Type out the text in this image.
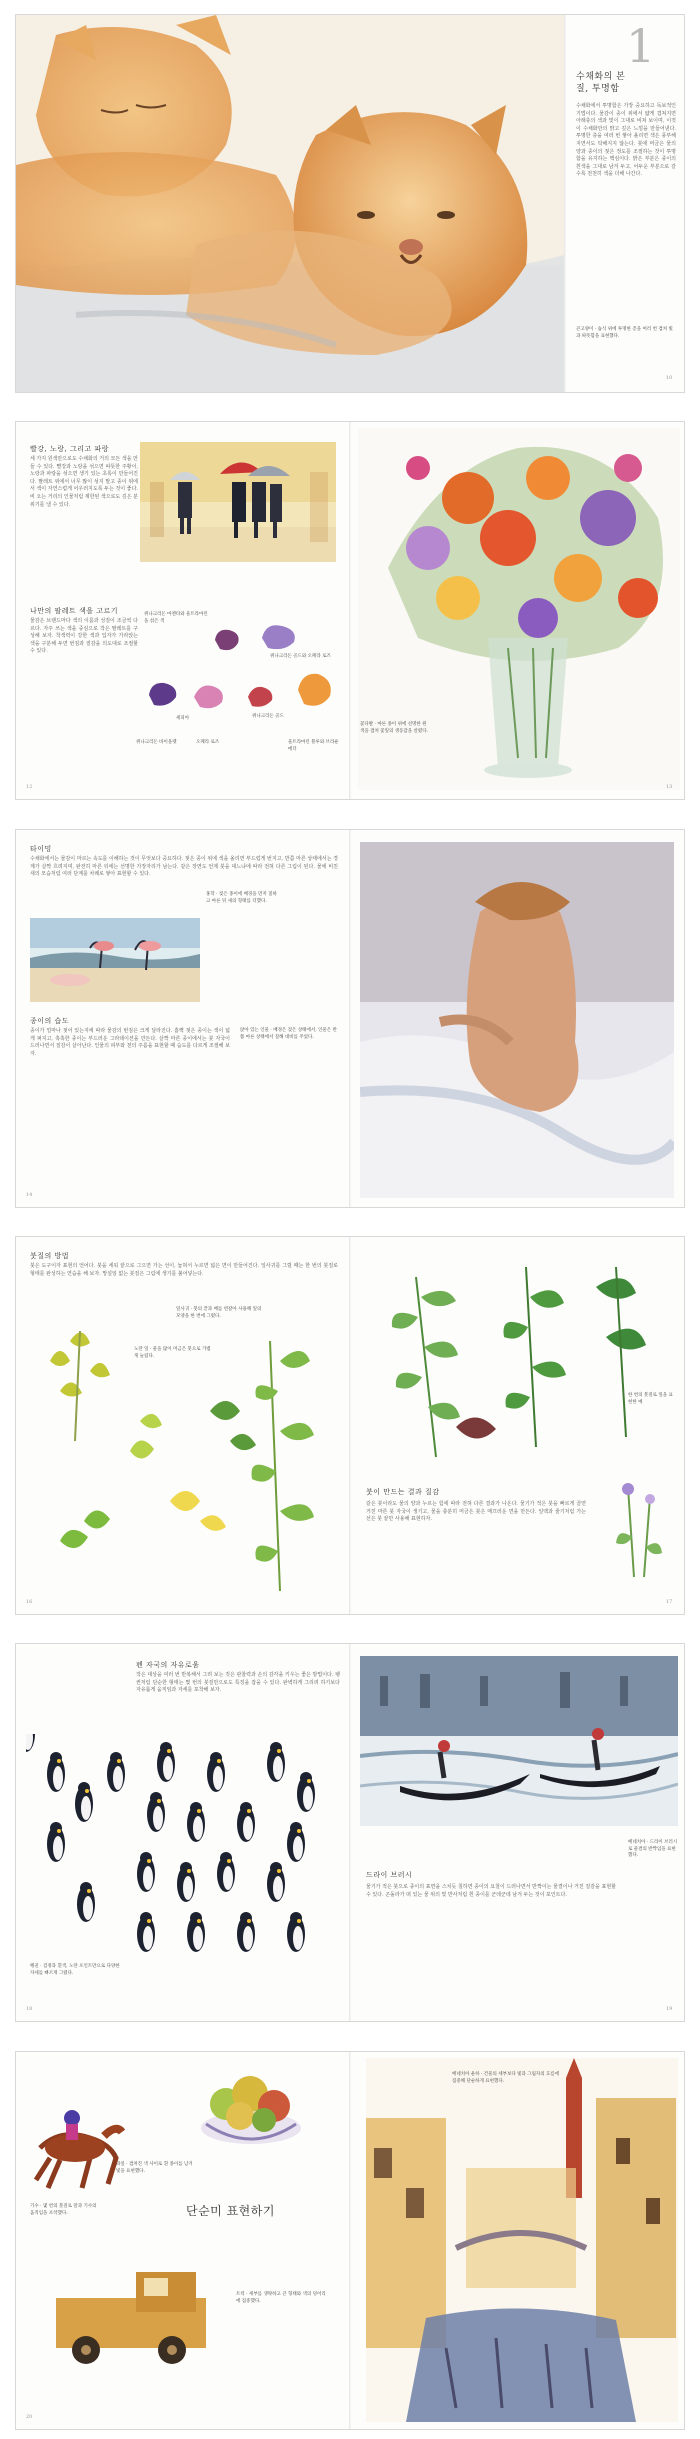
1
수채화의 본질, 투명함
수채화에서 투명함은 가장 중요하고 독보적인 기법이다. 물감이 종이 위에서 얇게 겹쳐지면 아래층의 색과 빛이 그대로 비쳐 보이며, 이것이 수채화만의 맑고 깊은 느낌을 만들어낸다. 투명한 층을 여러 번 쌓아 올리면 색은 풍부해지면서도 탁해지지 않는다. 붓에 머금은 물의 양과 종이의 젖은 정도를 조절하는 것이 투명함을 유지하는 핵심이다. 밝은 부분은 종이의 흰색을 그대로 남겨 두고, 어두운 부분으로 갈수록 천천히 색을 더해 나간다.
큰고양이 · 습식 위에 투명한 층을 여러 번 겹쳐 빛과 따뜻함을 표현했다.
10
빨강, 노랑, 그리고 파랑
세 가지 원색만으로도 수채화의 거의 모든 색을 만들 수 있다. 빨강과 노랑을 섞으면 따뜻한 주황이, 노랑과 파랑을 섞으면 생기 있는 초록이 만들어진다. 팔레트 위에서 너무 많이 섞지 말고 종이 위에서 색이 자연스럽게 어우러지도록 두는 것이 좋다. 비 오는 거리의 인물처럼 제한된 색으로도 깊은 분위기를 낼 수 있다.
나만의 팔레트 색을 고르기
물감은 브랜드마다 색의 이름과 성질이 조금씩 다르다. 자주 쓰는 색을 중심으로 작은 팔레트를 구성해 보자. 착색력이 강한 색과 입자가 가라앉는 색을 구분해 두면 번짐과 질감을 의도대로 조절할 수 있다.
퀴나크리돈 마젠타와 울트라마린을 섞은 색
퀴나크리돈 골드와 오페라 로즈
세피아
퀴나크리돈 바이올렛	오페라 로즈
퀴나크리돈 골드
울트라마린 블루와 브라운 매더
꽃다발 · 마른 종이 위에 선명한 원색을 겹쳐 꽃잎의 생동감을 살렸다.
12	13
타이밍
수채화에서는 물감이 마르는 속도를 이해하는 것이 무엇보다 중요하다. 젖은 종이 위에 색을 올리면 부드럽게 번지고, 반쯤 마른 상태에서는 경계가 살짝 흐려지며, 완전히 마른 뒤에는 선명한 가장자리가 남는다. 같은 장면도 언제 붓을 대느냐에 따라 전혀 다른 그림이 된다. 물에 비친 새의 모습처럼 여러 단계를 차례로 쌓아 표현할 수 있다.
홍학 · 젖은 종이에 배경을 먼저 칠하고 마른 뒤 새의 형태를 더했다.
종이의 습도
종이가 얼마나 젖어 있는지에 따라 물감의 번짐은 크게 달라진다. 흠뻑 젖은 종이는 색이 넓게 퍼지고, 촉촉한 종이는 부드러운 그라데이션을 만든다. 살짝 마른 종이에서는 붓 자국이 드러나면서 질감이 살아난다. 인물의 피부와 천의 주름을 표현할 때 습도를 다르게 조절해 보자.
앉아 있는 인물 · 배경은 젖은 상태에서, 인물은 반쯤 마른 상태에서 칠해 대비를 주었다.
14
붓질의 방법
붓은 도구이자 표현의 언어다. 붓을 세워 끝으로 그으면 가는 선이, 눕혀서 누르면 넓은 면이 만들어진다. 잎사귀를 그릴 때는 한 번의 붓질로 형태를 완성하는 연습을 해 보자. 망설임 없는 붓질은 그림에 생기를 불어넣는다.
잎사귀 · 붓의 끝과 배를 번갈아 사용해 잎의 모양을 한 번에 그렸다.
노란 잎 · 물을 많이 머금은 붓으로 가볍게 눌렀다.
한 번의 붓질로 잎을 표현한 예
붓이 만드는 결과 질감
같은 붓이라도 물의 양과 누르는 힘에 따라 전혀 다른 결과가 나온다. 물기가 적은 붓을 빠르게 끌면 거친 마른 붓 자국이 생기고, 물을 충분히 머금은 붓은 매끄러운 면을 만든다. 잎맥과 줄기처럼 가는 선은 붓 끝만 사용해 표현하자.
16	17
펜 자국의 자유로움
작은 대상을 여러 번 반복해서 그려 보는 것은 관찰력과 손의 감각을 키우는 좋은 방법이다. 펭귄처럼 단순한 형태는 몇 번의 붓질만으로도 특징을 잡을 수 있다. 완벽하게 그리려 하기보다 자유롭게 움직임과 자세를 포착해 보자.
펭귄 · 검정과 흰색, 노란 포인트만으로 다양한 자세를 빠르게 그렸다.
드라이 브러시
물기가 적은 붓으로 종이의 표면을 스치듯 칠하면 종이의 요철이 드러나면서 반짝이는 물결이나 거친 질감을 표현할 수 있다. 곤돌라가 떠 있는 물 위의 빛 반사처럼 흰 종이를 군데군데 남겨 두는 것이 포인트다.
베네치아 · 드라이 브러시로 물결의 반짝임을 표현했다.
18	19
기수 · 몇 번의 붓질로 말과 기수의 움직임을 포착했다.
과일 · 겹쳐진 색 사이로 흰 종이를 남겨 빛을 표현했다.
단순미 표현하기
트럭 · 세부를 생략하고 큰 형태와 색의 덩어리에 집중했다.
베네치아 운하 · 건물의 세부보다 빛과 그림자의 흐름에 집중해 단순하게 표현했다.
20
